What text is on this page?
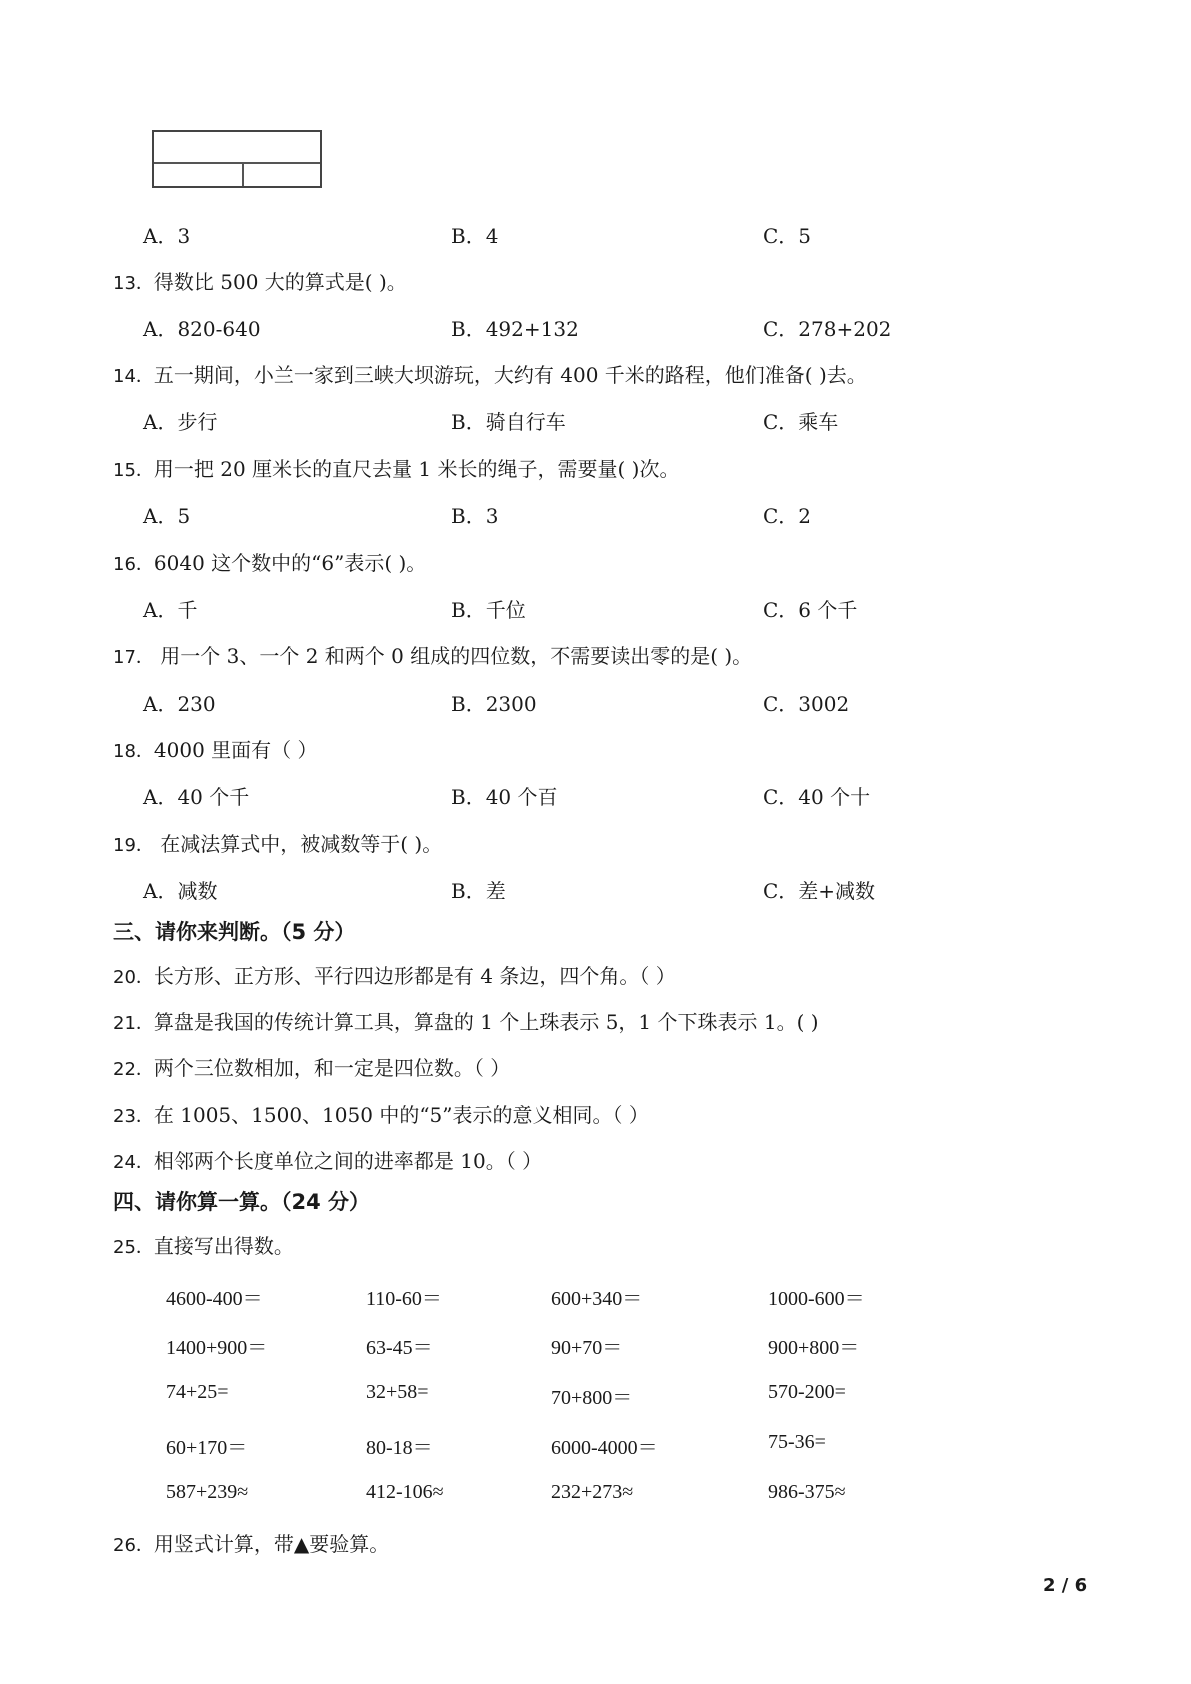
A．3	B．4	C．5
13．得数比 500 大的算式是( )。
A．820-640	B．492+132	C．278+202
14．五一期间，小兰一家到三峡大坝游玩，大约有 400 千米的路程，他们准备( )去。
A．步行	B．骑自行车	C．乘车
15．用一把 20 厘米长的直尺去量 1 米长的绳子，需要量( )次。
A．5	B．3	C．2
16．6040 这个数中的“6”表示( )。
A．千	B．千位	C．6 个千
17． 用一个 3、一个 2 和两个 0 组成的四位数，不需要读出零的是( )。
A．230	B．2300	C．3002
18．4000 里面有（ ）
A．40 个千	B．40 个百	C．40 个十
19． 在减法算式中，被减数等于( )。
A．减数	B．差	C．差+减数
三、请你来判断。（5 分）
20．长方形、正方形、平行四边形都是有 4 条边，四个角。（ ）
21．算盘是我国的传统计算工具，算盘的 1 个上珠表示 5，1 个下珠表示 1。( )
22．两个三位数相加，和一定是四位数。（ ）
23．在 1005、1500、1050 中的“5”表示的意义相同。（ ）
24．相邻两个长度单位之间的进率都是 10。（ ）
四、请你算一算。（24 分）
25．直接写出得数。
4600-400＝	110-60＝	600+340＝	1000-600＝
1400+900＝	63-45＝	90+70＝	900+800＝
74+25=	32+58=	70+800＝	570-200=
60+170＝	80-18＝	6000-4000＝	75-36=
587+239≈	412-106≈	232+273≈	986-375≈
26．用竖式计算，带▲要验算。
2 / 6
